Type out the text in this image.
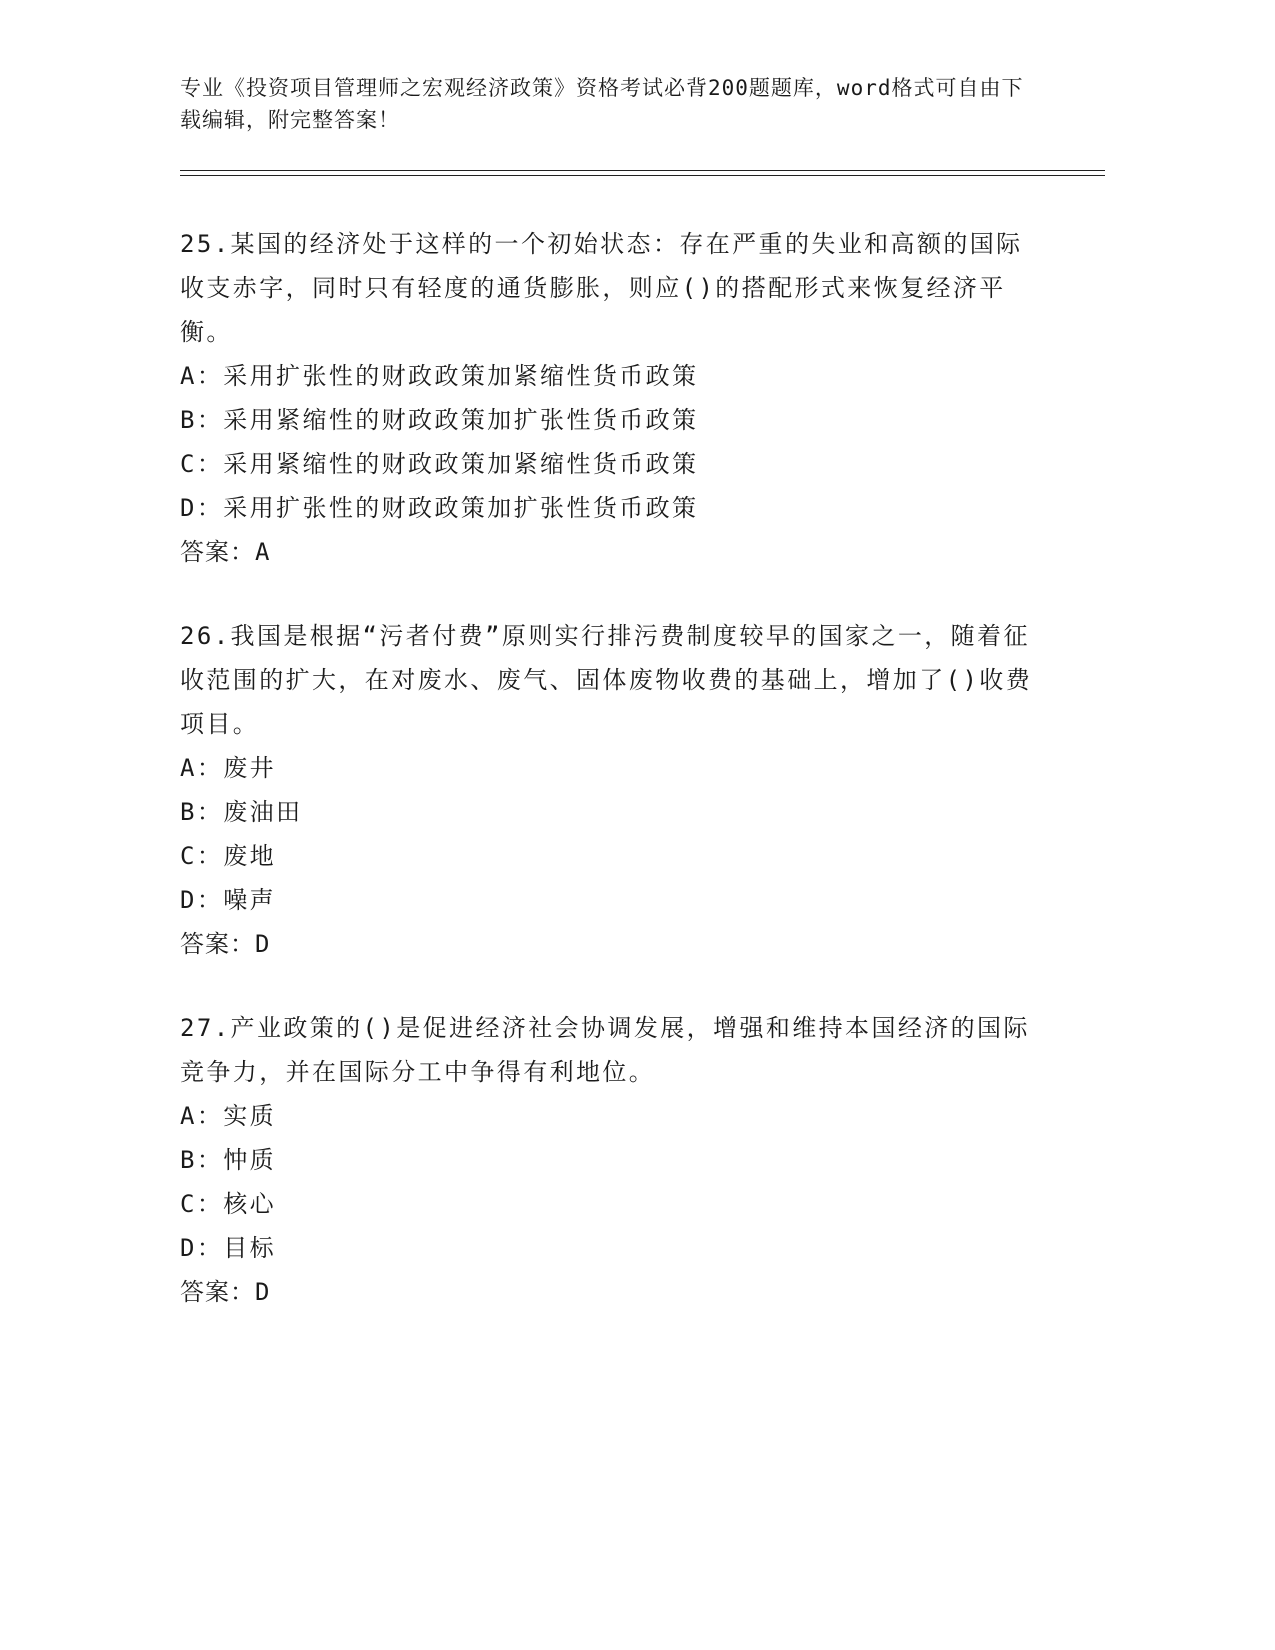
专业《投资项目管理师之宏观经济政策》资格考试必背200题题库，word格式可自由下载编辑，附完整答案！

25.某国的经济处于这样的一个初始状态：存在严重的失业和高额的国际收支赤字，同时只有轻度的通货膨胀，则应()的搭配形式来恢复经济平衡。

A：采用扩张性的财政政策加紧缩性货币政策
B：采用紧缩性的财政政策加扩张性货币政策
C：采用紧缩性的财政政策加紧缩性货币政策
D：采用扩张性的财政政策加扩张性货币政策
答案：A

26.我国是根据“污者付费”原则实行排污费制度较早的国家之一，随着征收范围的扩大，在对废水、废气、固体废物收费的基础上，增加了()收费项目。

A：废井
B：废油田
C：废地
D：噪声
答案：D

27.产业政策的()是促进经济社会协调发展，增强和维持本国经济的国际竞争力，并在国际分工中争得有利地位。

A：实质
B：忡质
C：核心
D：目标
答案：D
